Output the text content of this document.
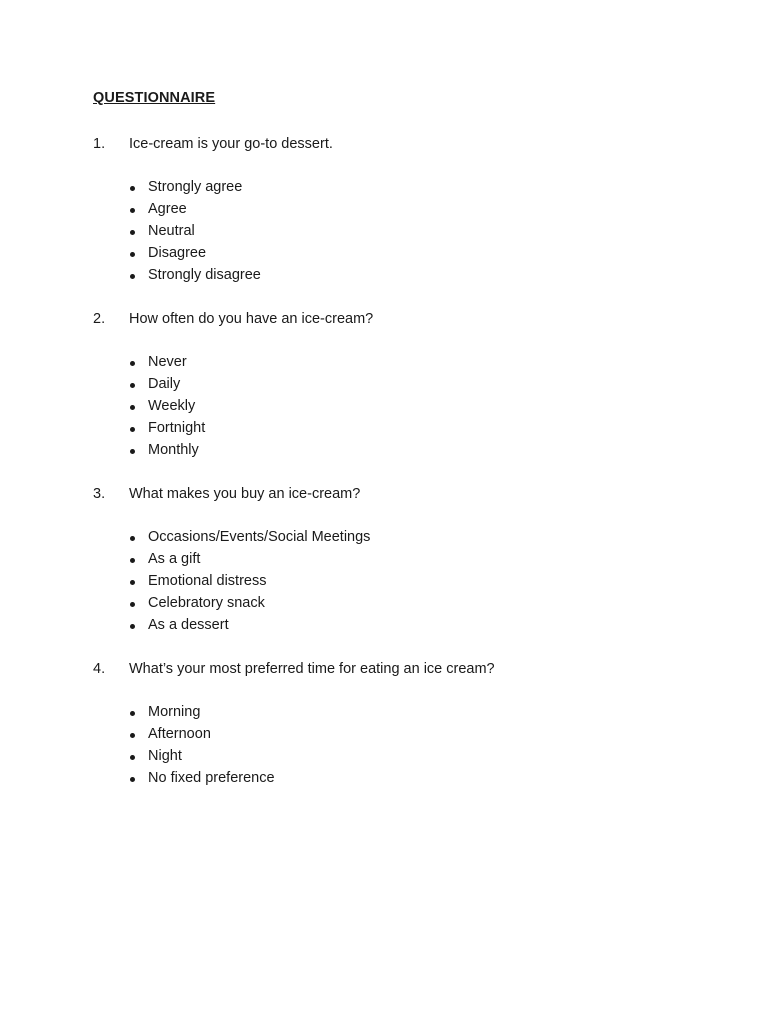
QUESTIONNAIRE
1. Ice-cream is your go-to dessert.
Strongly agree
Agree
Neutral
Disagree
Strongly disagree
2. How often do you have an ice-cream?
Never
Daily
Weekly
Fortnight
Monthly
3. What makes you buy an ice-cream?
Occasions/Events/Social Meetings
As a gift
Emotional distress
Celebratory snack
As a dessert
4. What’s your most preferred time for eating an ice cream?
Morning
Afternoon
Night
No fixed preference
